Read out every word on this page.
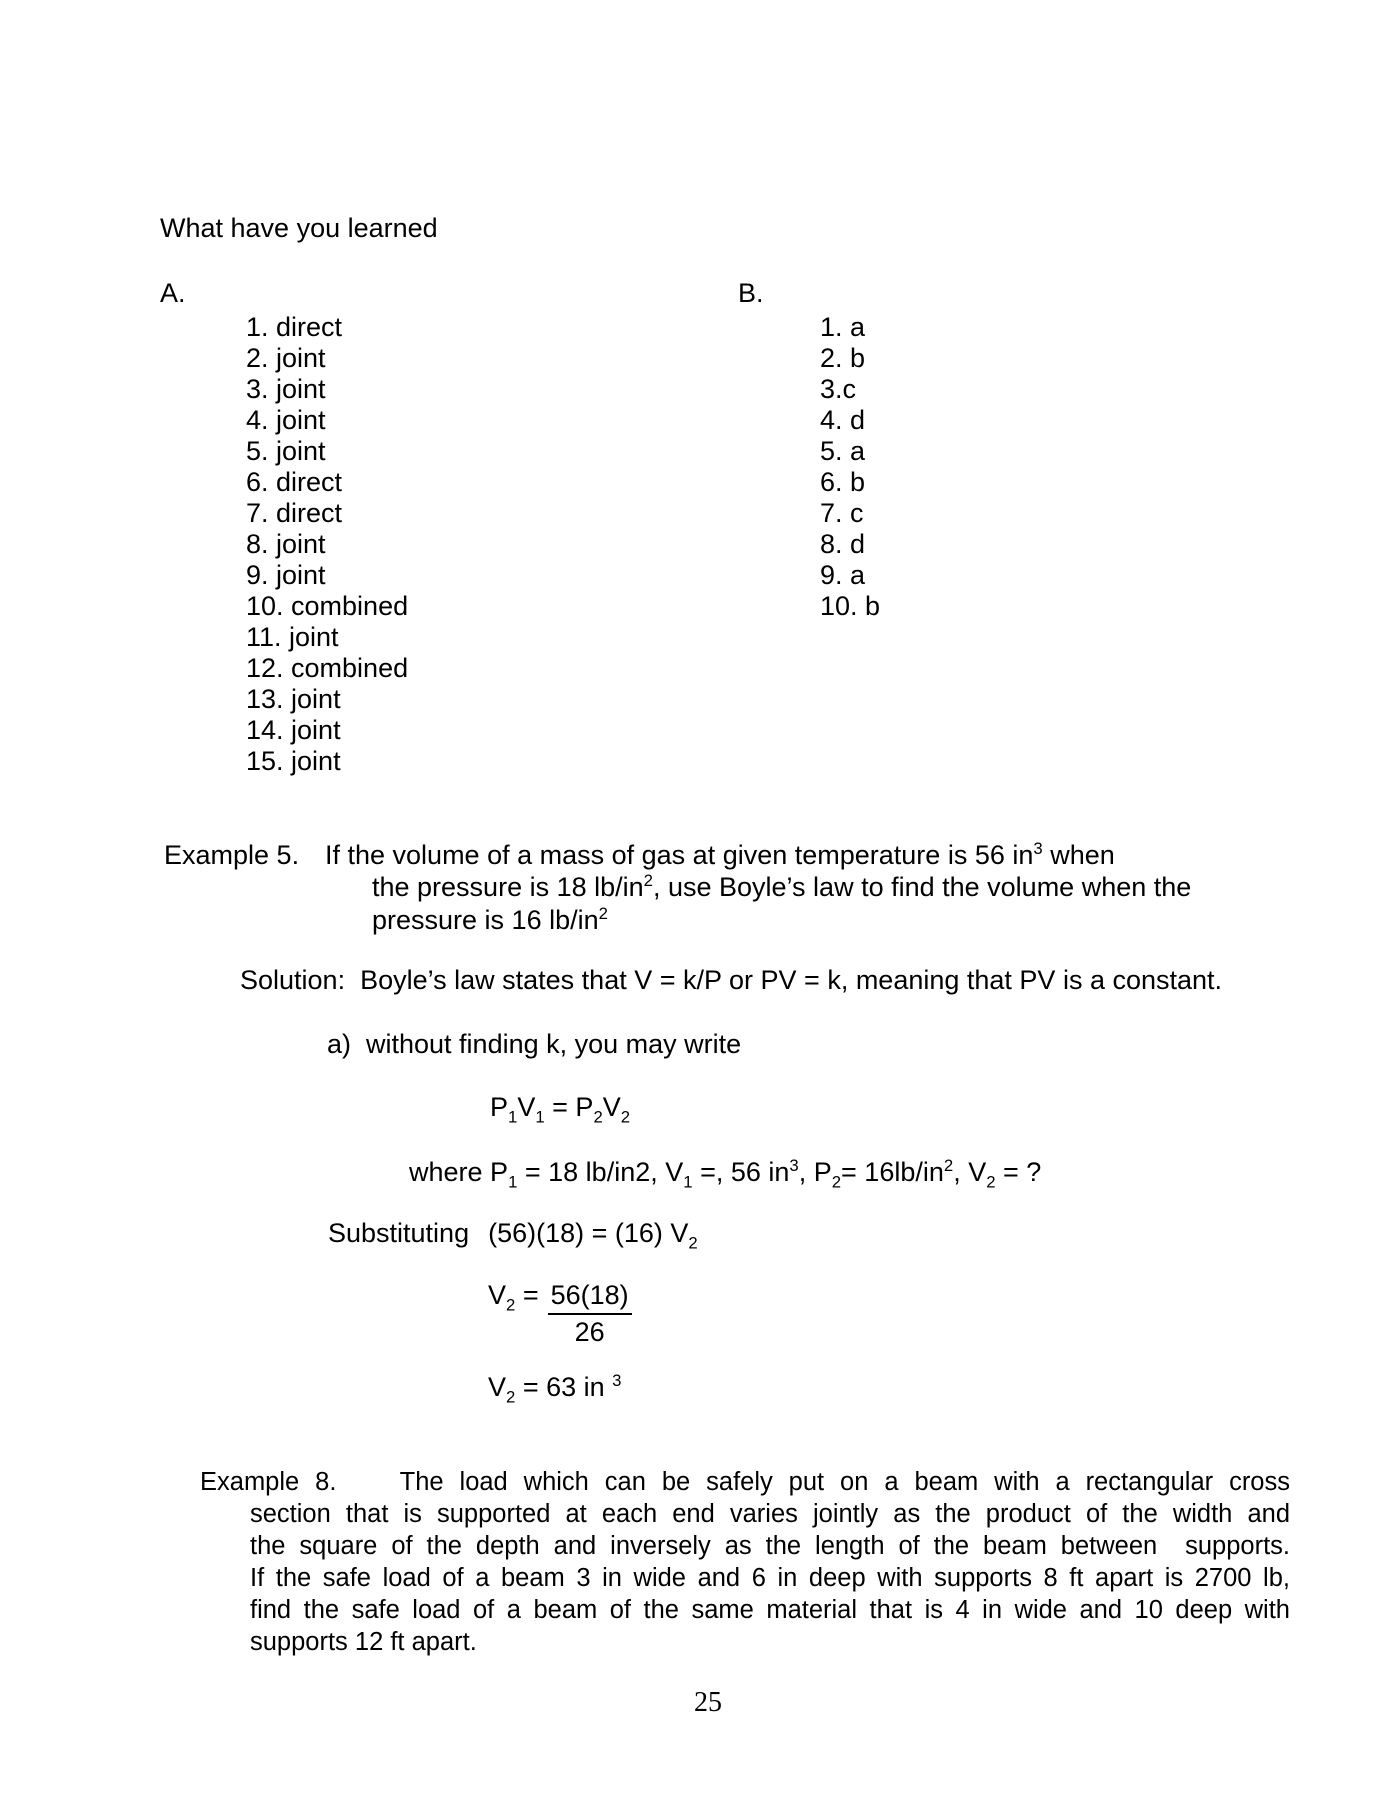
What have you learned
A.	B.
1. direct
2. joint
3. joint
4. joint
5. joint
6. direct
7. direct
8. joint
9. joint
10. combined
11. joint
12. combined
13. joint
14. joint
15. joint
1. a
2. b
3.c
4. d
5. a
6. b
7. c
8. d
9. a
10. b
Example 5. If the volume of a mass of gas at given temperature is 56 $in^3$ when
the pressure is 18 $lb/in^2$, use Boyle’s law to find the volume when the
pressure is 16 $lb/in^2$
Solution:  Boyle’s law states that V = k/P or PV = k, meaning that PV is a constant.
a)  without finding k, you may write
$P_1V_1 = P_2V_2$
where $P_1 = 18$ lb/in2, $V_1$ =, 56 $in^3$, $P_2= 16lb/in^2$, $V_2$ = ?
Substituting (56)(18) = (16) $V_2$
$V_2 = \frac{56(18)}{26}$
$V_2 = 63$ in $^3$
Example 8.    The load which can be safely put on a beam with a rectangular cross
section that is supported at each end varies jointly as the product of the width and
the square of the depth and inversely as the length of the beam between  supports.
If the safe load of a beam 3 in wide and 6 in deep with supports 8 ft apart is 2700 lb,
find the safe load of a beam of the same material that is 4 in wide and 10 deep with
supports 12 ft apart.
25
